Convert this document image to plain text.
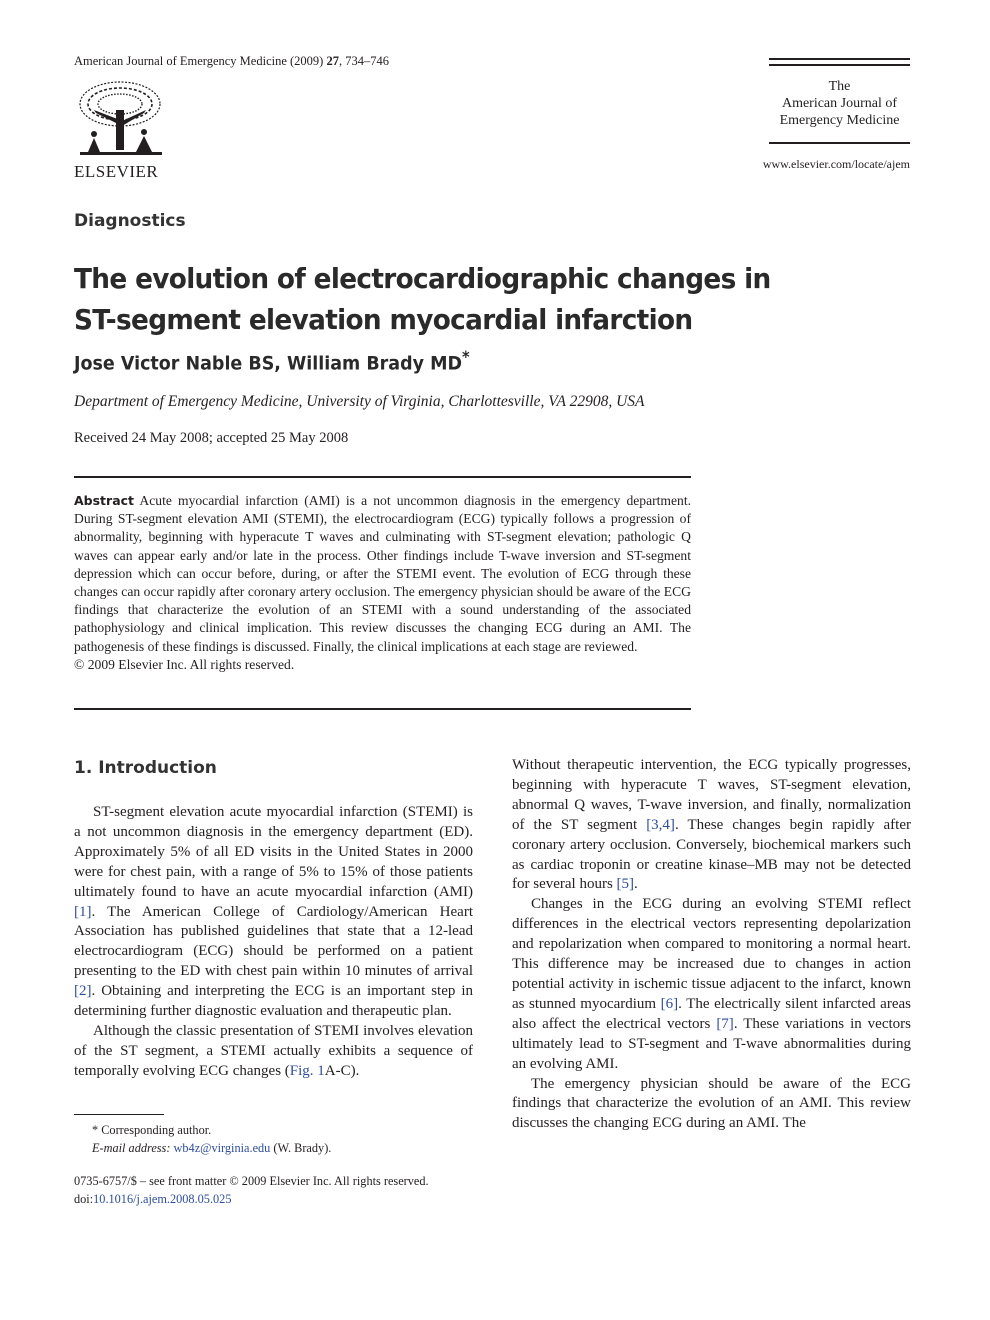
American Journal of Emergency Medicine (2009) 27, 734–746
ELSEVIER
The
American Journal of
Emergency Medicine
www.elsevier.com/locate/ajem
Diagnostics
The evolution of electrocardiographic changes in
ST-segment elevation myocardial infarction
Jose Victor Nable BS, William Brady MD*
Department of Emergency Medicine, University of Virginia, Charlottesville, VA 22908, USA
Received 24 May 2008; accepted 25 May 2008
Abstract Acute myocardial infarction (AMI) is a not uncommon diagnosis in the emergency department. During ST-segment elevation AMI (STEMI), the electrocardiogram (ECG) typically follows a progression of abnormality, beginning with hyperacute T waves and culminating with ST-segment elevation; pathologic Q waves can appear early and/or late in the process. Other findings include T-wave inversion and ST-segment depression which can occur before, during, or after the STEMI event. The evolution of ECG through these changes can occur rapidly after coronary artery occlusion. The emergency physician should be aware of the ECG findings that characterize the evolution of an STEMI with a sound understanding of the associated pathophysiology and clinical implication. This review discusses the changing ECG during an AMI. The pathogenesis of these findings is discussed. Finally, the clinical implications at each stage are reviewed.
© 2009 Elsevier Inc. All rights reserved.
1. Introduction

ST-segment elevation acute myocardial infarction (STEMI) is a not uncommon diagnosis in the emergency department (ED). Approximately 5% of all ED visits in the United States in 2000 were for chest pain, with a range of 5% to 15% of those patients ultimately found to have an acute myocardial infarction (AMI) [1]. The American College of Cardiology/American Heart Association has published guidelines that state that a 12-lead electrocardiogram (ECG) should be performed on a patient presenting to the ED with chest pain within 10 minutes of arrival [2]. Obtaining and interpreting the ECG is an important step in determining further diagnostic evaluation and therapeutic plan.

Although the classic presentation of STEMI involves elevation of the ST segment, a STEMI actually exhibits a sequence of temporally evolving ECG changes (Fig. 1A-C).

Without therapeutic intervention, the ECG typically progresses, beginning with hyperacute T waves, ST-segment elevation, abnormal Q waves, T-wave inversion, and finally, normalization of the ST segment [3,4]. These changes begin rapidly after coronary artery occlusion. Conversely, biochemical markers such as cardiac troponin or creatine kinase–MB may not be detected for several hours [5].

Changes in the ECG during an evolving STEMI reflect differences in the electrical vectors representing depolarization and repolarization when compared to monitoring a normal heart. This difference may be increased due to changes in action potential activity in ischemic tissue adjacent to the infarct, known as stunned myocardium [6]. The electrically silent infarcted areas also affect the electrical vectors [7]. These variations in vectors ultimately lead to ST-segment and T-wave abnormalities during an evolving AMI.

The emergency physician should be aware of the ECG findings that characterize the evolution of an AMI. This review discusses the changing ECG during an AMI. The

* Corresponding author.
E-mail address: wb4z@virginia.edu (W. Brady).
0735-6757/$ – see front matter © 2009 Elsevier Inc. All rights reserved.
doi:10.1016/j.ajem.2008.05.025
